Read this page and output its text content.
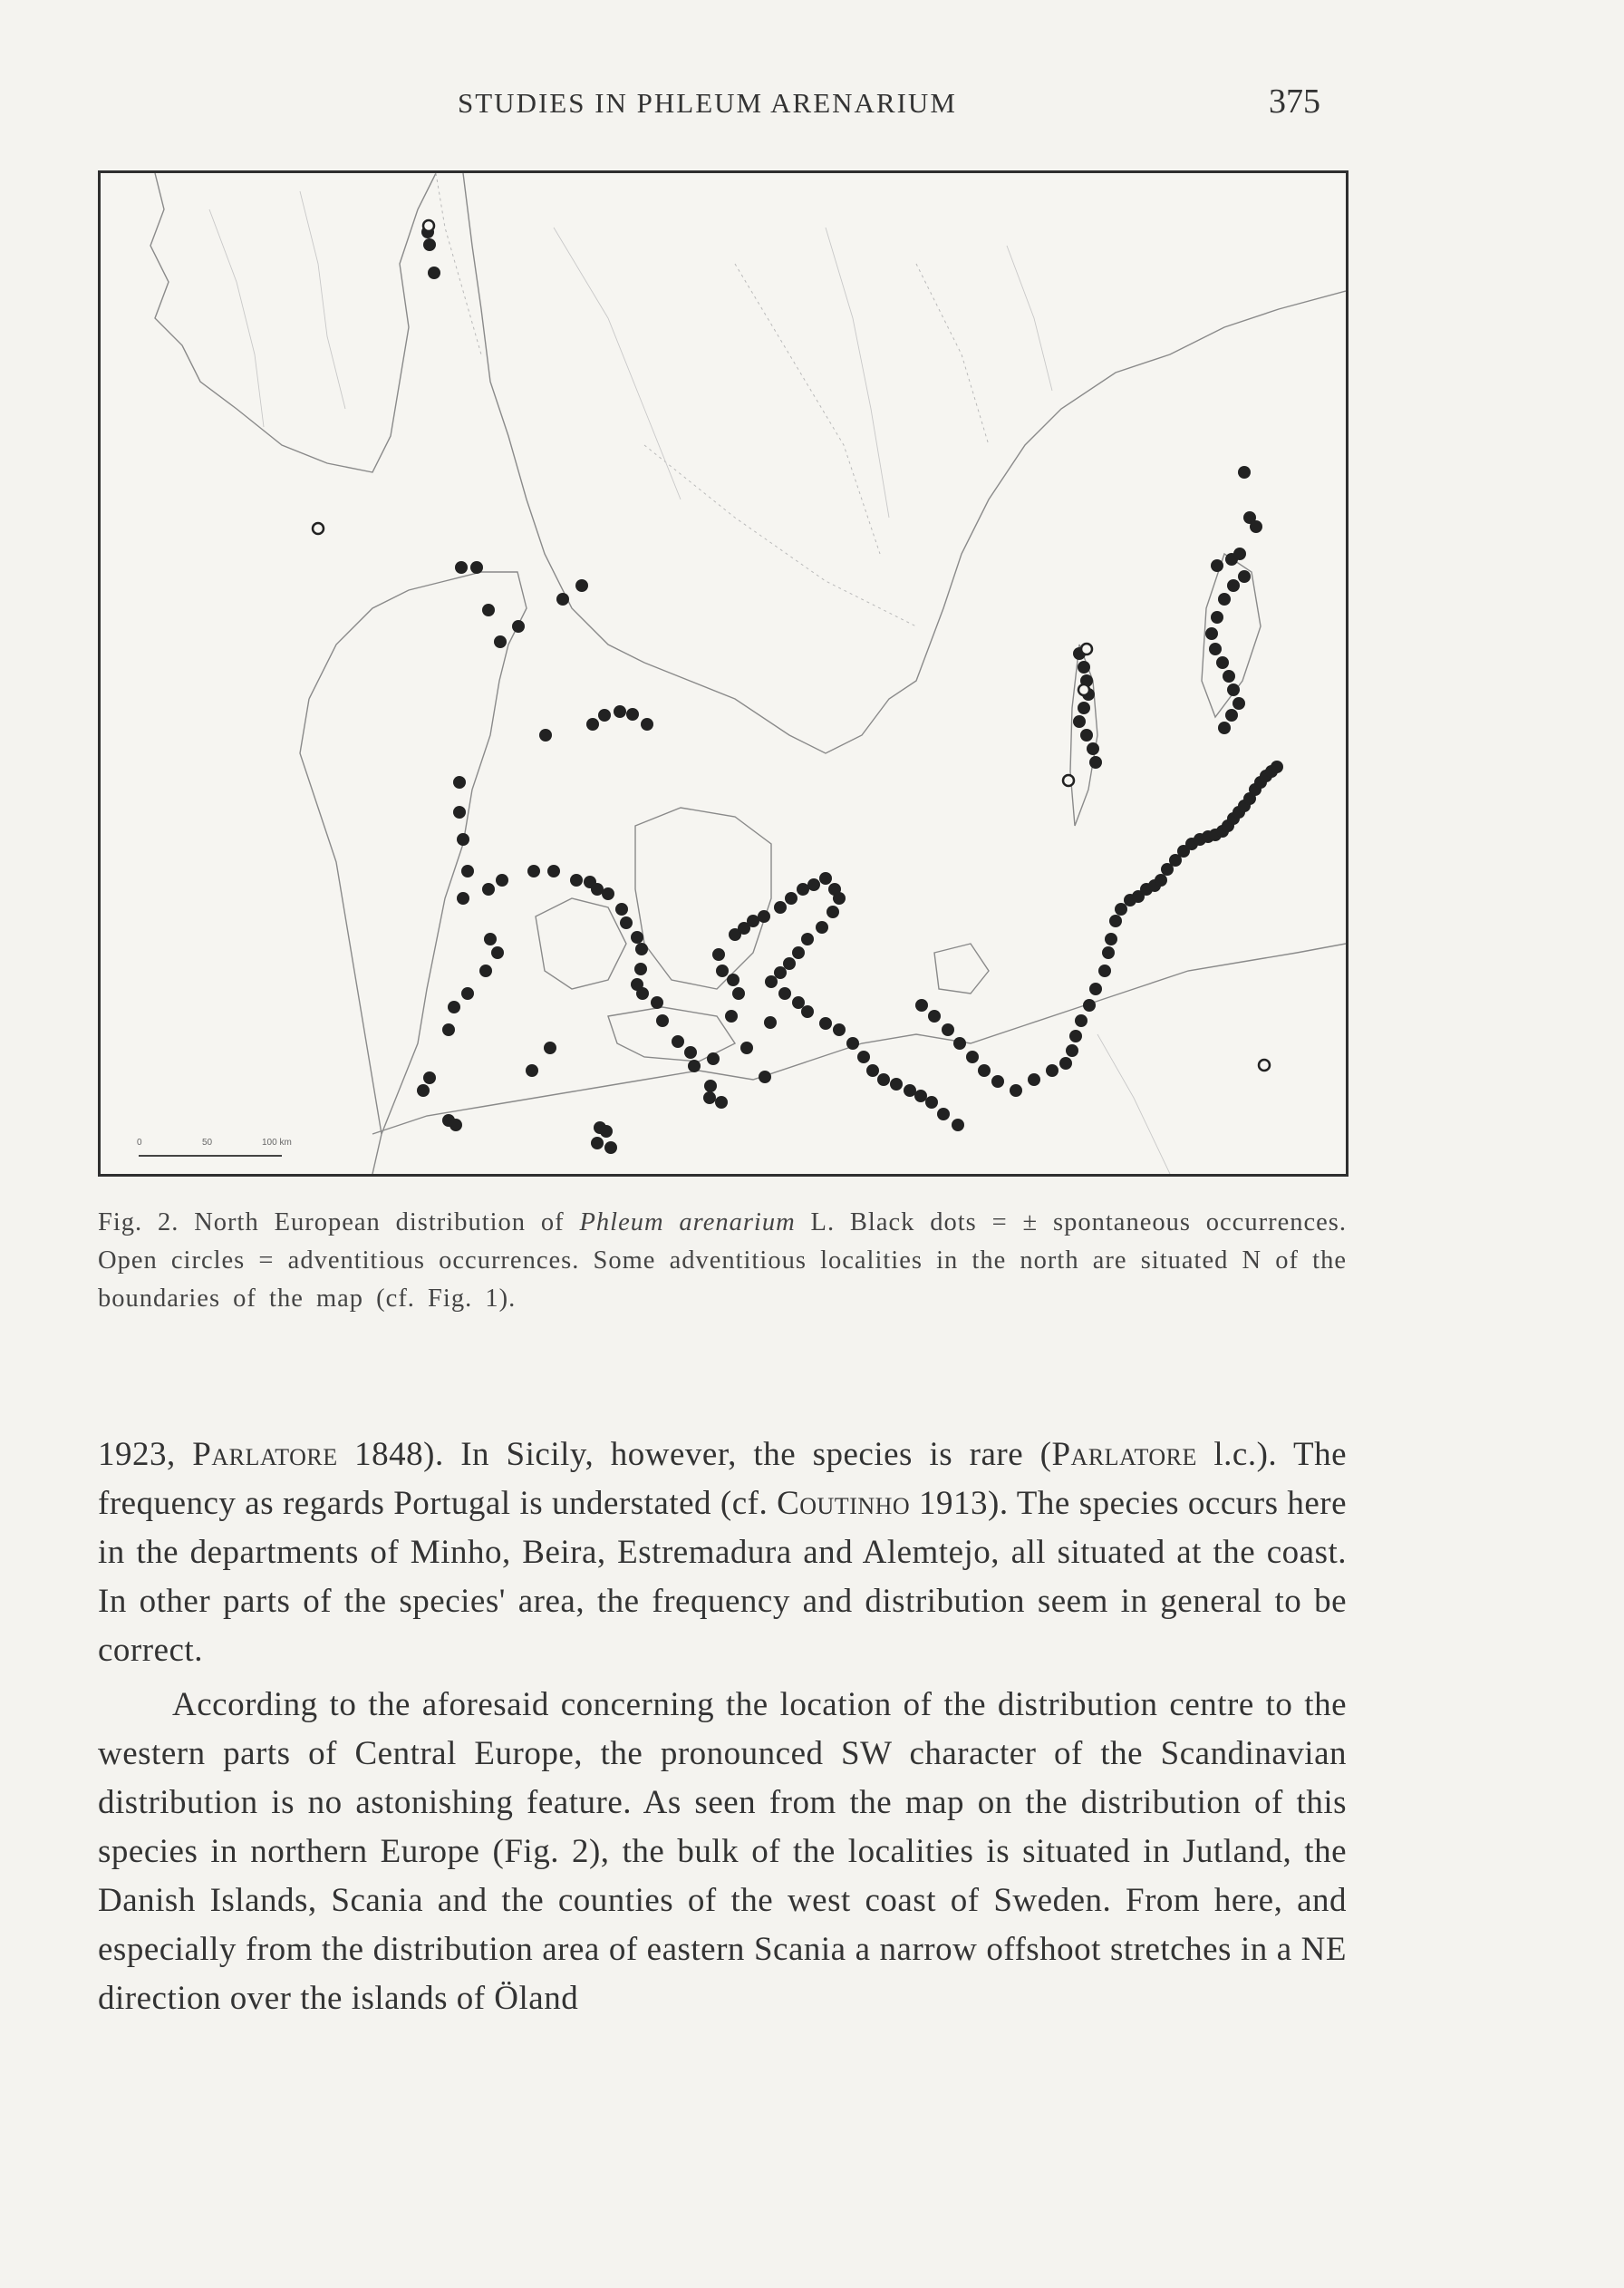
STUDIES IN PHLEUM ARENARIUM	375
0	50	100 km

Fig. 2. North European distribution of Phleum arenarium L. Black dots = ± spontaneous occurrences. Open circles = adventitious occurrences. Some adventitious localities in the north are situated N of the boundaries of the map (cf. Fig. 1).

1923, Parlatore 1848). In Sicily, however, the species is rare (Parlatore l.c.). The frequency as regards Portugal is understated (cf. Coutinho 1913). The species occurs here in the departments of Minho, Beira, Estremadura and Alemtejo, all situated at the coast. In other parts of the species' area, the frequency and distribution seem in general to be correct.

According to the aforesaid concerning the location of the distribution centre to the western parts of Central Europe, the pronounced SW character of the Scandinavian distribution is no astonishing feature. As seen from the map on the distribution of this species in northern Europe (Fig. 2), the bulk of the localities is situated in Jutland, the Danish Islands, Scania and the counties of the west coast of Sweden. From here, and especially from the distribution area of eastern Scania a narrow offshoot stretches in a NE direction over the islands of Öland
